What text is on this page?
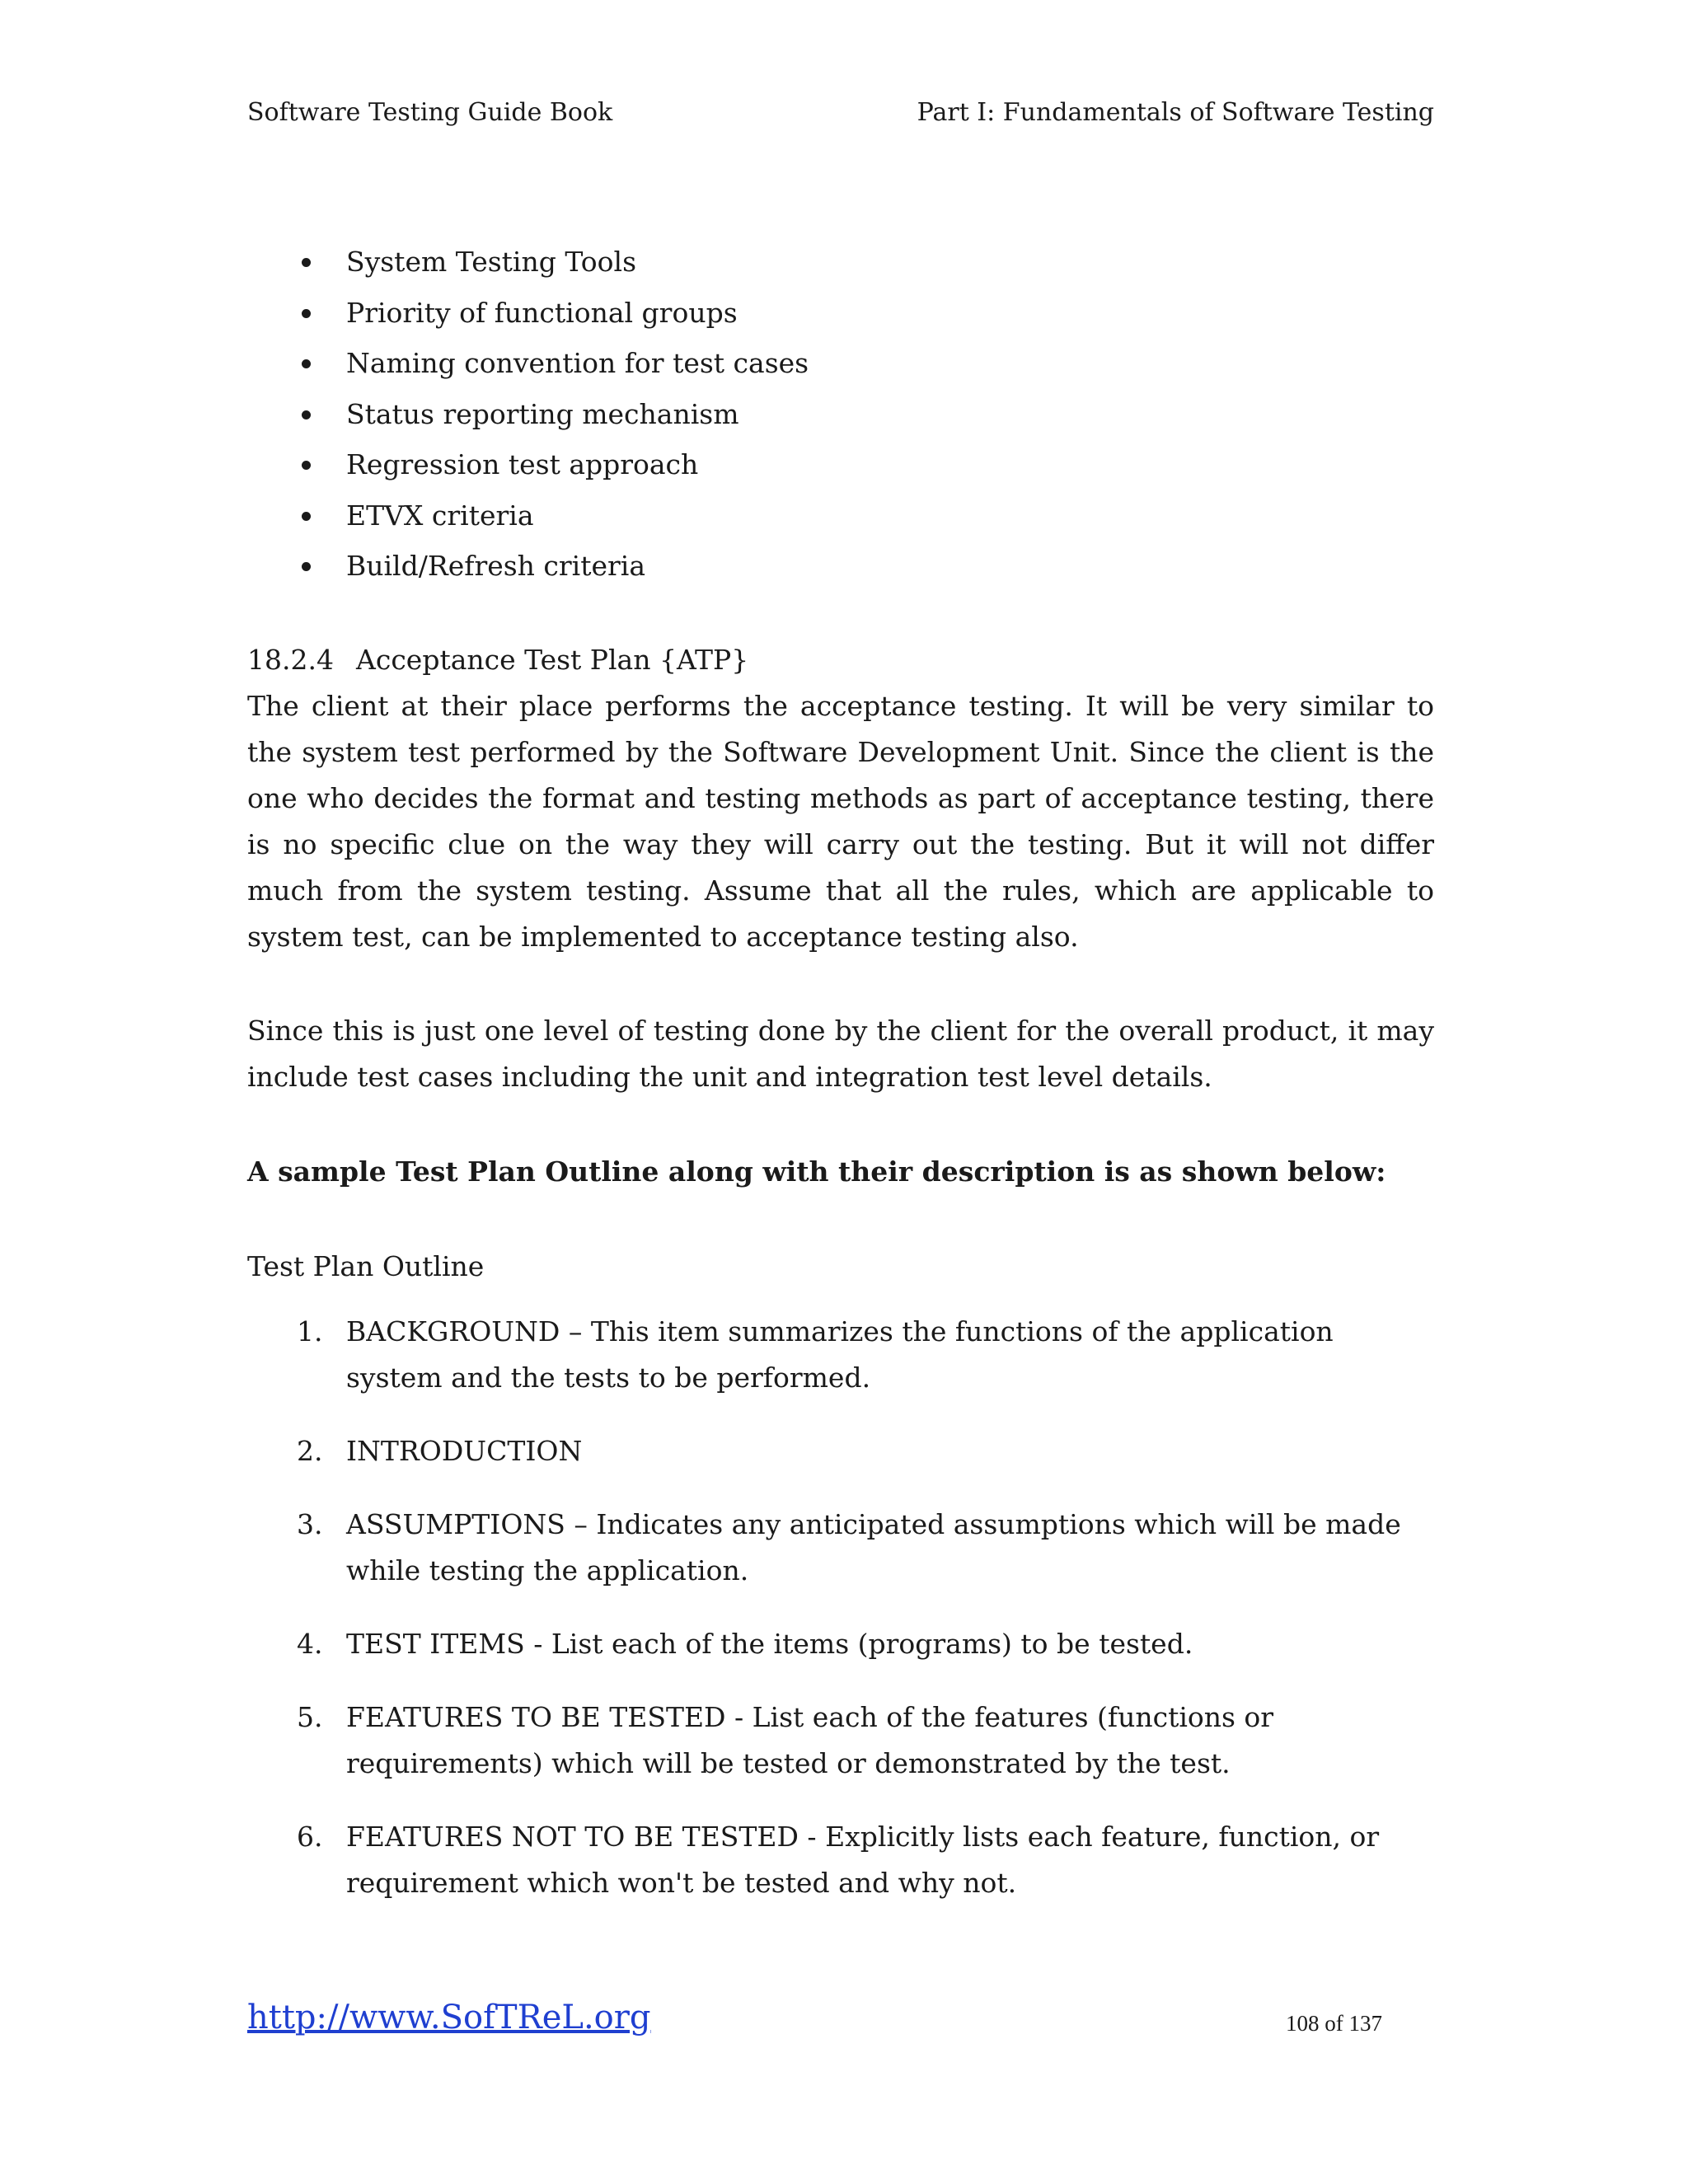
Software Testing Guide Book	Part I: Fundamentals of Software Testing
System Testing Tools
Priority of functional groups
Naming convention for test cases
Status reporting mechanism
Regression test approach
ETVX criteria
Build/Refresh criteria
18.2.4 Acceptance Test Plan {ATP}

The client at their place performs the acceptance testing. It will be very similar to the system test performed by the Software Development Unit. Since the client is the one who decides the format and testing methods as part of acceptance testing, there is no specific clue on the way they will carry out the testing. But it will not differ much from the system testing. Assume that all the rules, which are applicable to system test, can be implemented to acceptance testing also.

Since this is just one level of testing done by the client for the overall product, it may include test cases including the unit and integration test level details.

A sample Test Plan Outline along with their description is as shown below:
Test Plan Outline
1. BACKGROUND – This item summarizes the functions of the application system and the tests to be performed.
2. INTRODUCTION
3. ASSUMPTIONS – Indicates any anticipated assumptions which will be made while testing the application.
4. TEST ITEMS - List each of the items (programs) to be tested.
5. FEATURES TO BE TESTED - List each of the features (functions or requirements) which will be tested or demonstrated by the test.
6. FEATURES NOT TO BE TESTED - Explicitly lists each feature, function, or requirement which won't be tested and why not.
http://www.SofTReL.org	108 of 137
